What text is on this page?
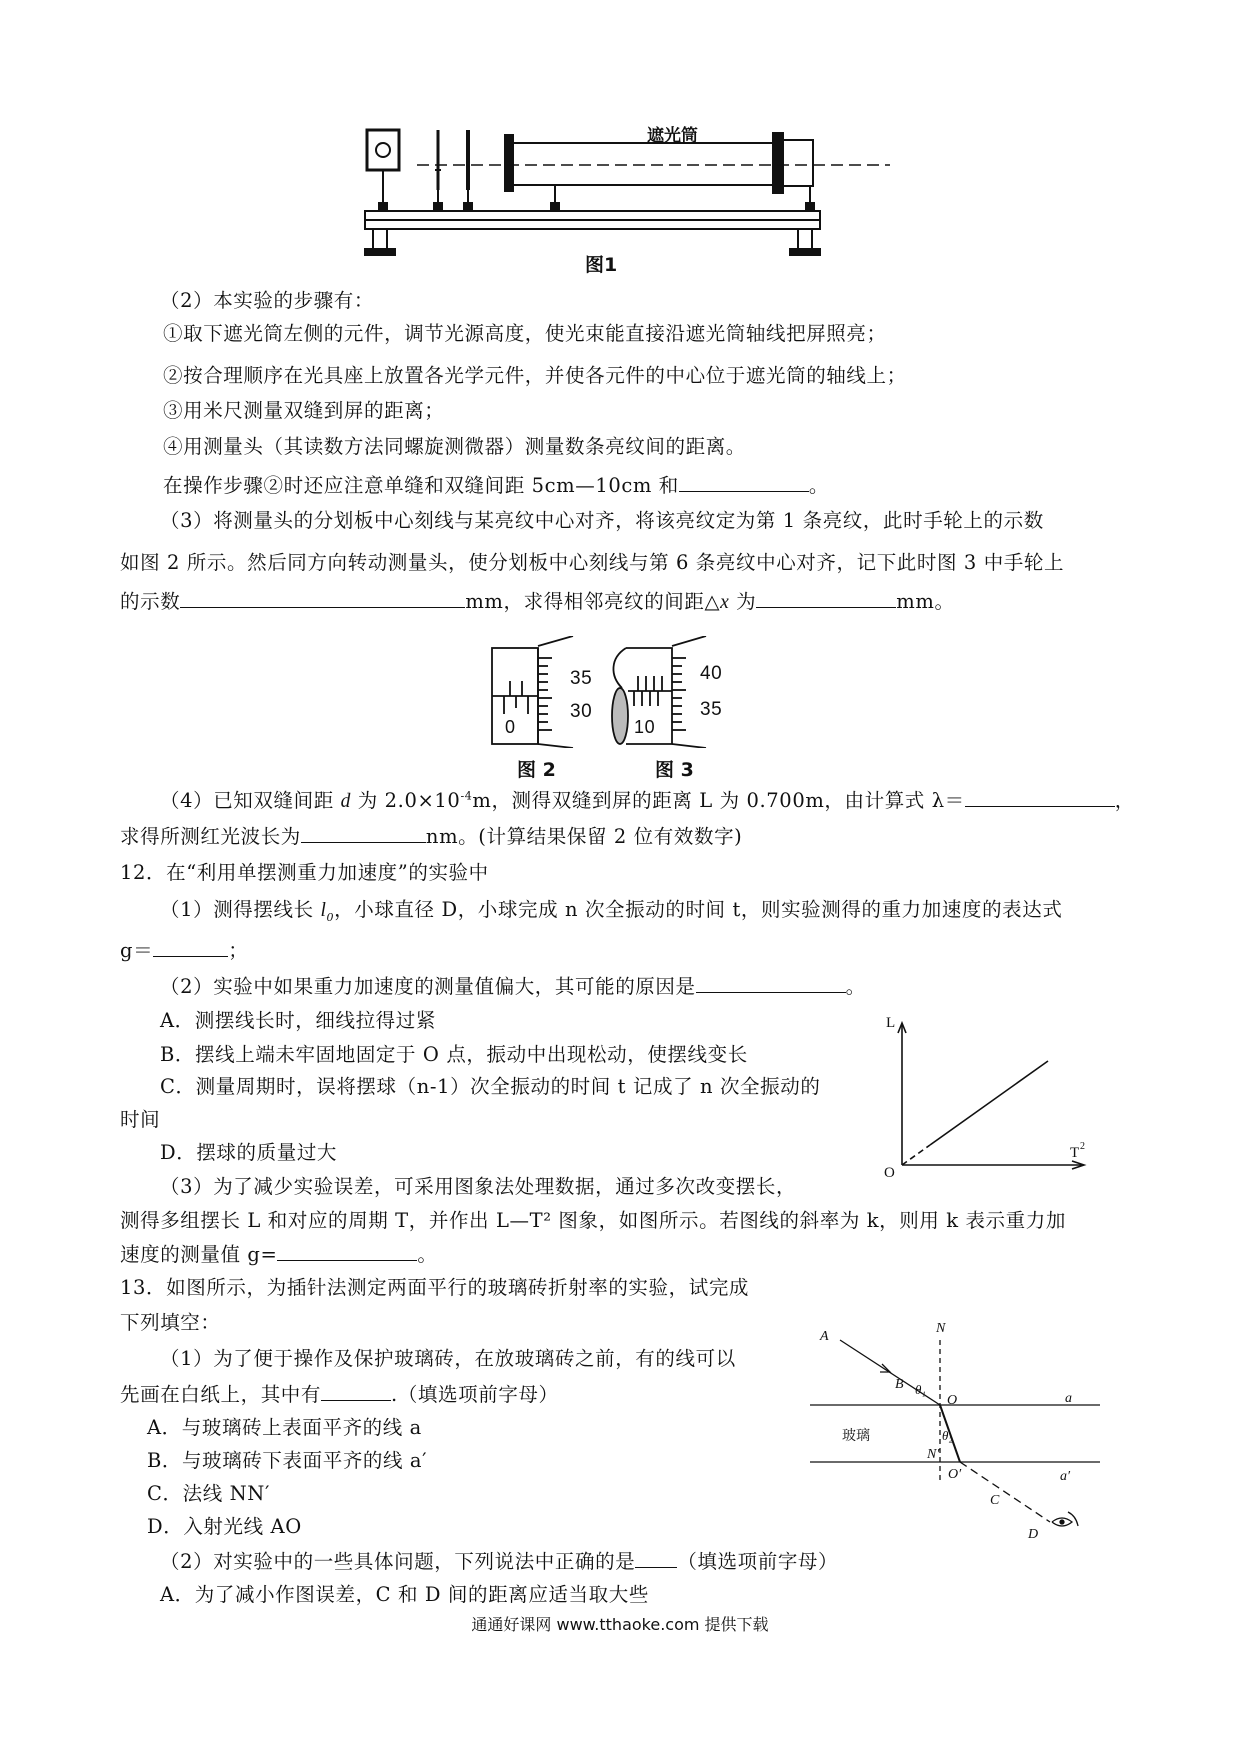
遮光筒
图1
（2）本实验的步骤有：
①取下遮光筒左侧的元件，调节光源高度，使光束能直接沿遮光筒轴线把屏照亮；
②按合理顺序在光具座上放置各光学元件，并使各元件的中心位于遮光筒的轴线上；
③用米尺测量双缝到屏的距离；
④用测量头（其读数方法同螺旋测微器）测量数条亮纹间的距离。
在操作步骤②时还应注意单缝和双缝间距 5cm—10cm 和	。
（3）将测量头的分划板中心刻线与某亮纹中心对齐，将该亮纹定为第 1 条亮纹，此时手轮上的示数
如图 2 所示。然后同方向转动测量头，使分划板中心刻线与第 6 条亮纹中心对齐，记下此时图 3 中手轮上
的示数	mm，求得相邻亮纹的间距△x 为	mm。
35
30
0
图 2
40
35
10
图 3
（4）已知双缝间距 d 为 $2.0\times 10^{-4}m$，测得双缝到屏的距离 L 为 0.700m，由计算式 λ＝	，
求得所测红光波长为	nm。(计算结果保留 2 位有效数字)
12．在“利用单摆测重力加速度”的实验中
（1）测得摆线长 $l_0$，小球直径 D，小球完成 n 次全振动的时间 t，则实验测得的重力加速度的表达式
g＝	；
（2）实验中如果重力加速度的测量值偏大，其可能的原因是	。
A．测摆线长时，细线拉得过紧
B．摆线上端未牢固地固定于 O 点，振动中出现松动，使摆线变长
C．测量周期时，误将摆球（n-1）次全振动的时间 t 记成了 n 次全振动的
时间
D．摆球的质量过大
（3）为了减少实验误差，可采用图象法处理数据，通过多次改变摆长，
测得多组摆长 L 和对应的周期 T，并作出 L—T² 图象，如图所示。若图线的斜率为 k，则用 k 表示重力加
速度的测量值 g=	。
L
O
T 2
13．如图所示，为插针法测定两面平行的玻璃砖折射率的实验，试完成
下列填空：
（1）为了便于操作及保护玻璃砖，在放玻璃砖之前，有的线可以
先画在白纸上，其中有	.（填选项前字母）
A．与玻璃砖上表面平齐的线 a
B．与玻璃砖下表面平齐的线 a′
C．法线 NN′
D．入射光线 AO
（2）对实验中的一些具体问题，下列说法中正确的是 （填选项前字母）
A．为了减小作图误差，C 和 D 间的距离应适当取大些
A
B
N
θ₁
O	a
玻璃	θ₂
N′
O′	a′
C
D
通通好课网 www.tthaoke.com 提供下载
